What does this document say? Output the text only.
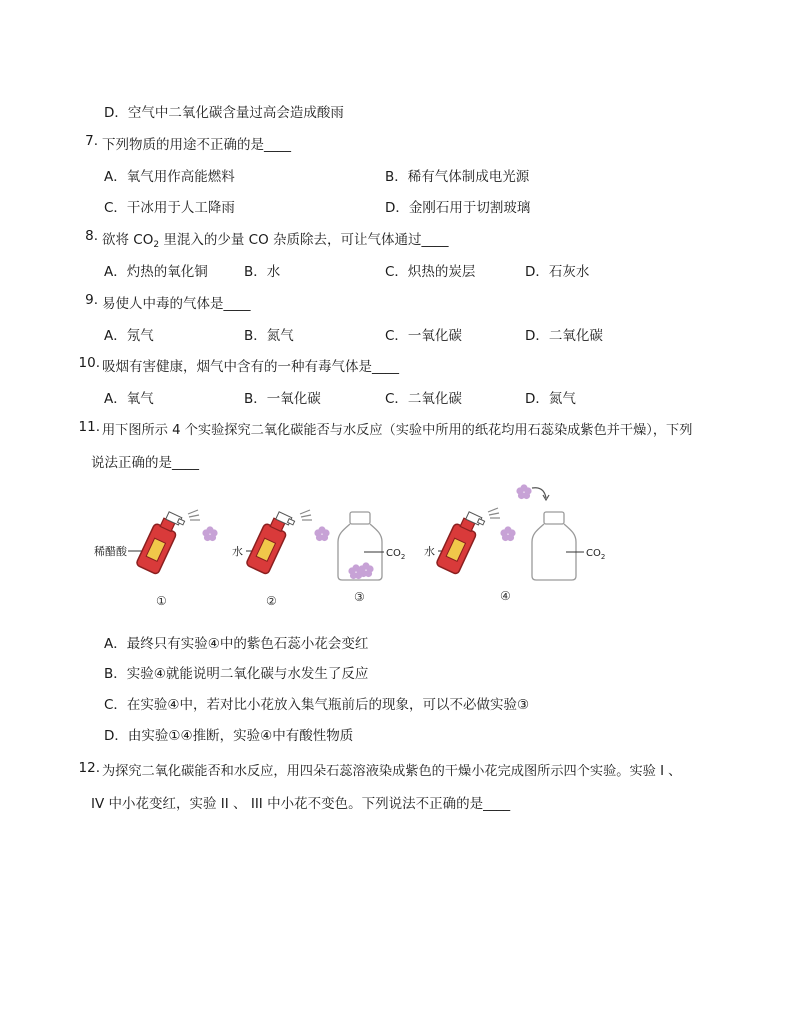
D．空气中二氧化碳含量过高会造成酸雨
7. 下列物质的用途不正确的是____
A．氧气用作高能燃料	B．稀有气体制成电光源
C．干冰用于人工降雨	D．金刚石用于切割玻璃
8. 欲将 $CO_2$ 里混入的少量 CO 杂质除去，可让气体通过____
A．灼热的氧化铜	B．水	C．炽热的炭层	D．石灰水
9. 易使人中毒的气体是____
A．氖气	B．氮气	C．一氧化碳	D．二氧化碳
10. 吸烟有害健康，烟气中含有的一种有毒气体是____
A．氧气	B．一氧化碳	C．二氧化碳	D．氮气
11. 用下图所示 4 个实验探究二氧化碳能否与水反应（实验中所用的纸花均用石蕊染成紫色并干燥），下列
说法正确的是____
稀醋酸
①
水
②
$CO_2$
③
水
④
$CO_2$
A．最终只有实验④中的紫色石蕊小花会变红
B．实验④就能说明二氧化碳与水发生了反应
C．在实验④中，若对比小花放入集气瓶前后的现象，可以不必做实验③
D．由实验①④推断，实验④中有酸性物质
12. 为探究二氧化碳能否和水反应，用四朵石蕊溶液染成紫色的干燥小花完成图所示四个实验。实验 I 、
IV 中小花变红，实验 II 、 III 中小花不变色。下列说法不正确的是____
